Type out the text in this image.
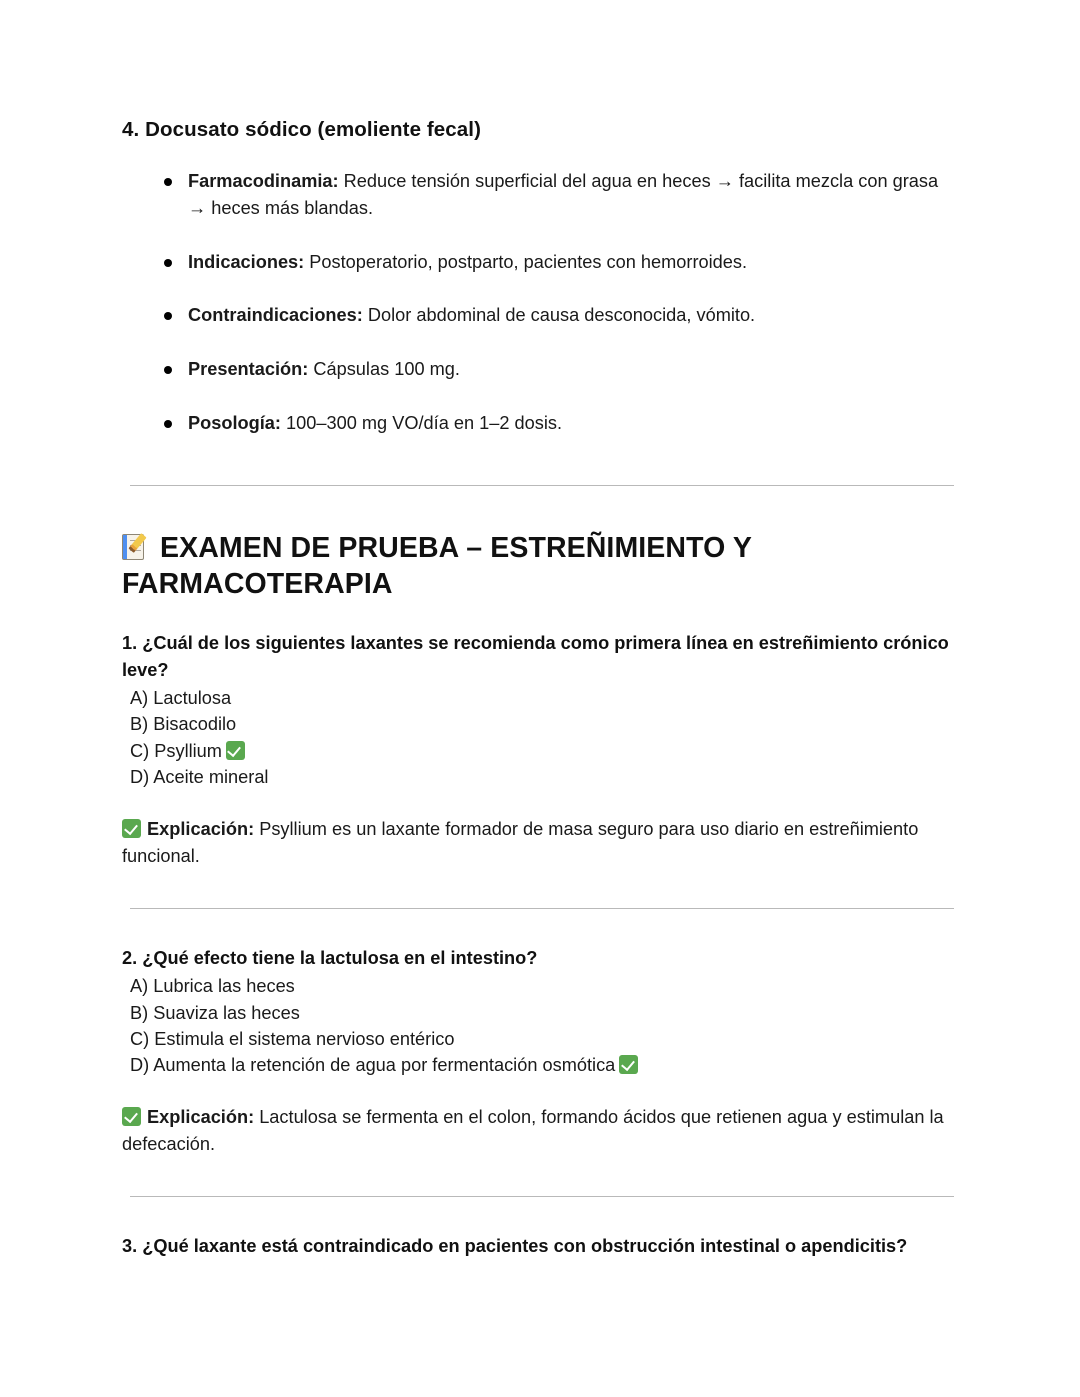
4. Docusato sódico (emoliente fecal)
Farmacodinamia: Reduce tensión superficial del agua en heces → facilita mezcla con grasa → heces más blandas.
Indicaciones: Postoperatorio, postparto, pacientes con hemorroides.
Contraindicaciones: Dolor abdominal de causa desconocida, vómito.
Presentación: Cápsulas 100 mg.
Posología: 100–300 mg VO/día en 1–2 dosis.
EXAMEN DE PRUEBA – ESTREÑIMIENTO Y FARMACOTERAPIA

1. ¿Cuál de los siguientes laxantes se recomienda como primera línea en estreñimiento crónico leve?

A) Lactulosa
B) Bisacodilo
C) Psyllium
D) Aceite mineral

Explicación: Psyllium es un laxante formador de masa seguro para uso diario en estreñimiento funcional.

2. ¿Qué efecto tiene la lactulosa en el intestino?

A) Lubrica las heces
B) Suaviza las heces
C) Estimula el sistema nervioso entérico
D) Aumenta la retención de agua por fermentación osmótica

Explicación: Lactulosa se fermenta en el colon, formando ácidos que retienen agua y estimulan la defecación.

3. ¿Qué laxante está contraindicado en pacientes con obstrucción intestinal o apendicitis?
